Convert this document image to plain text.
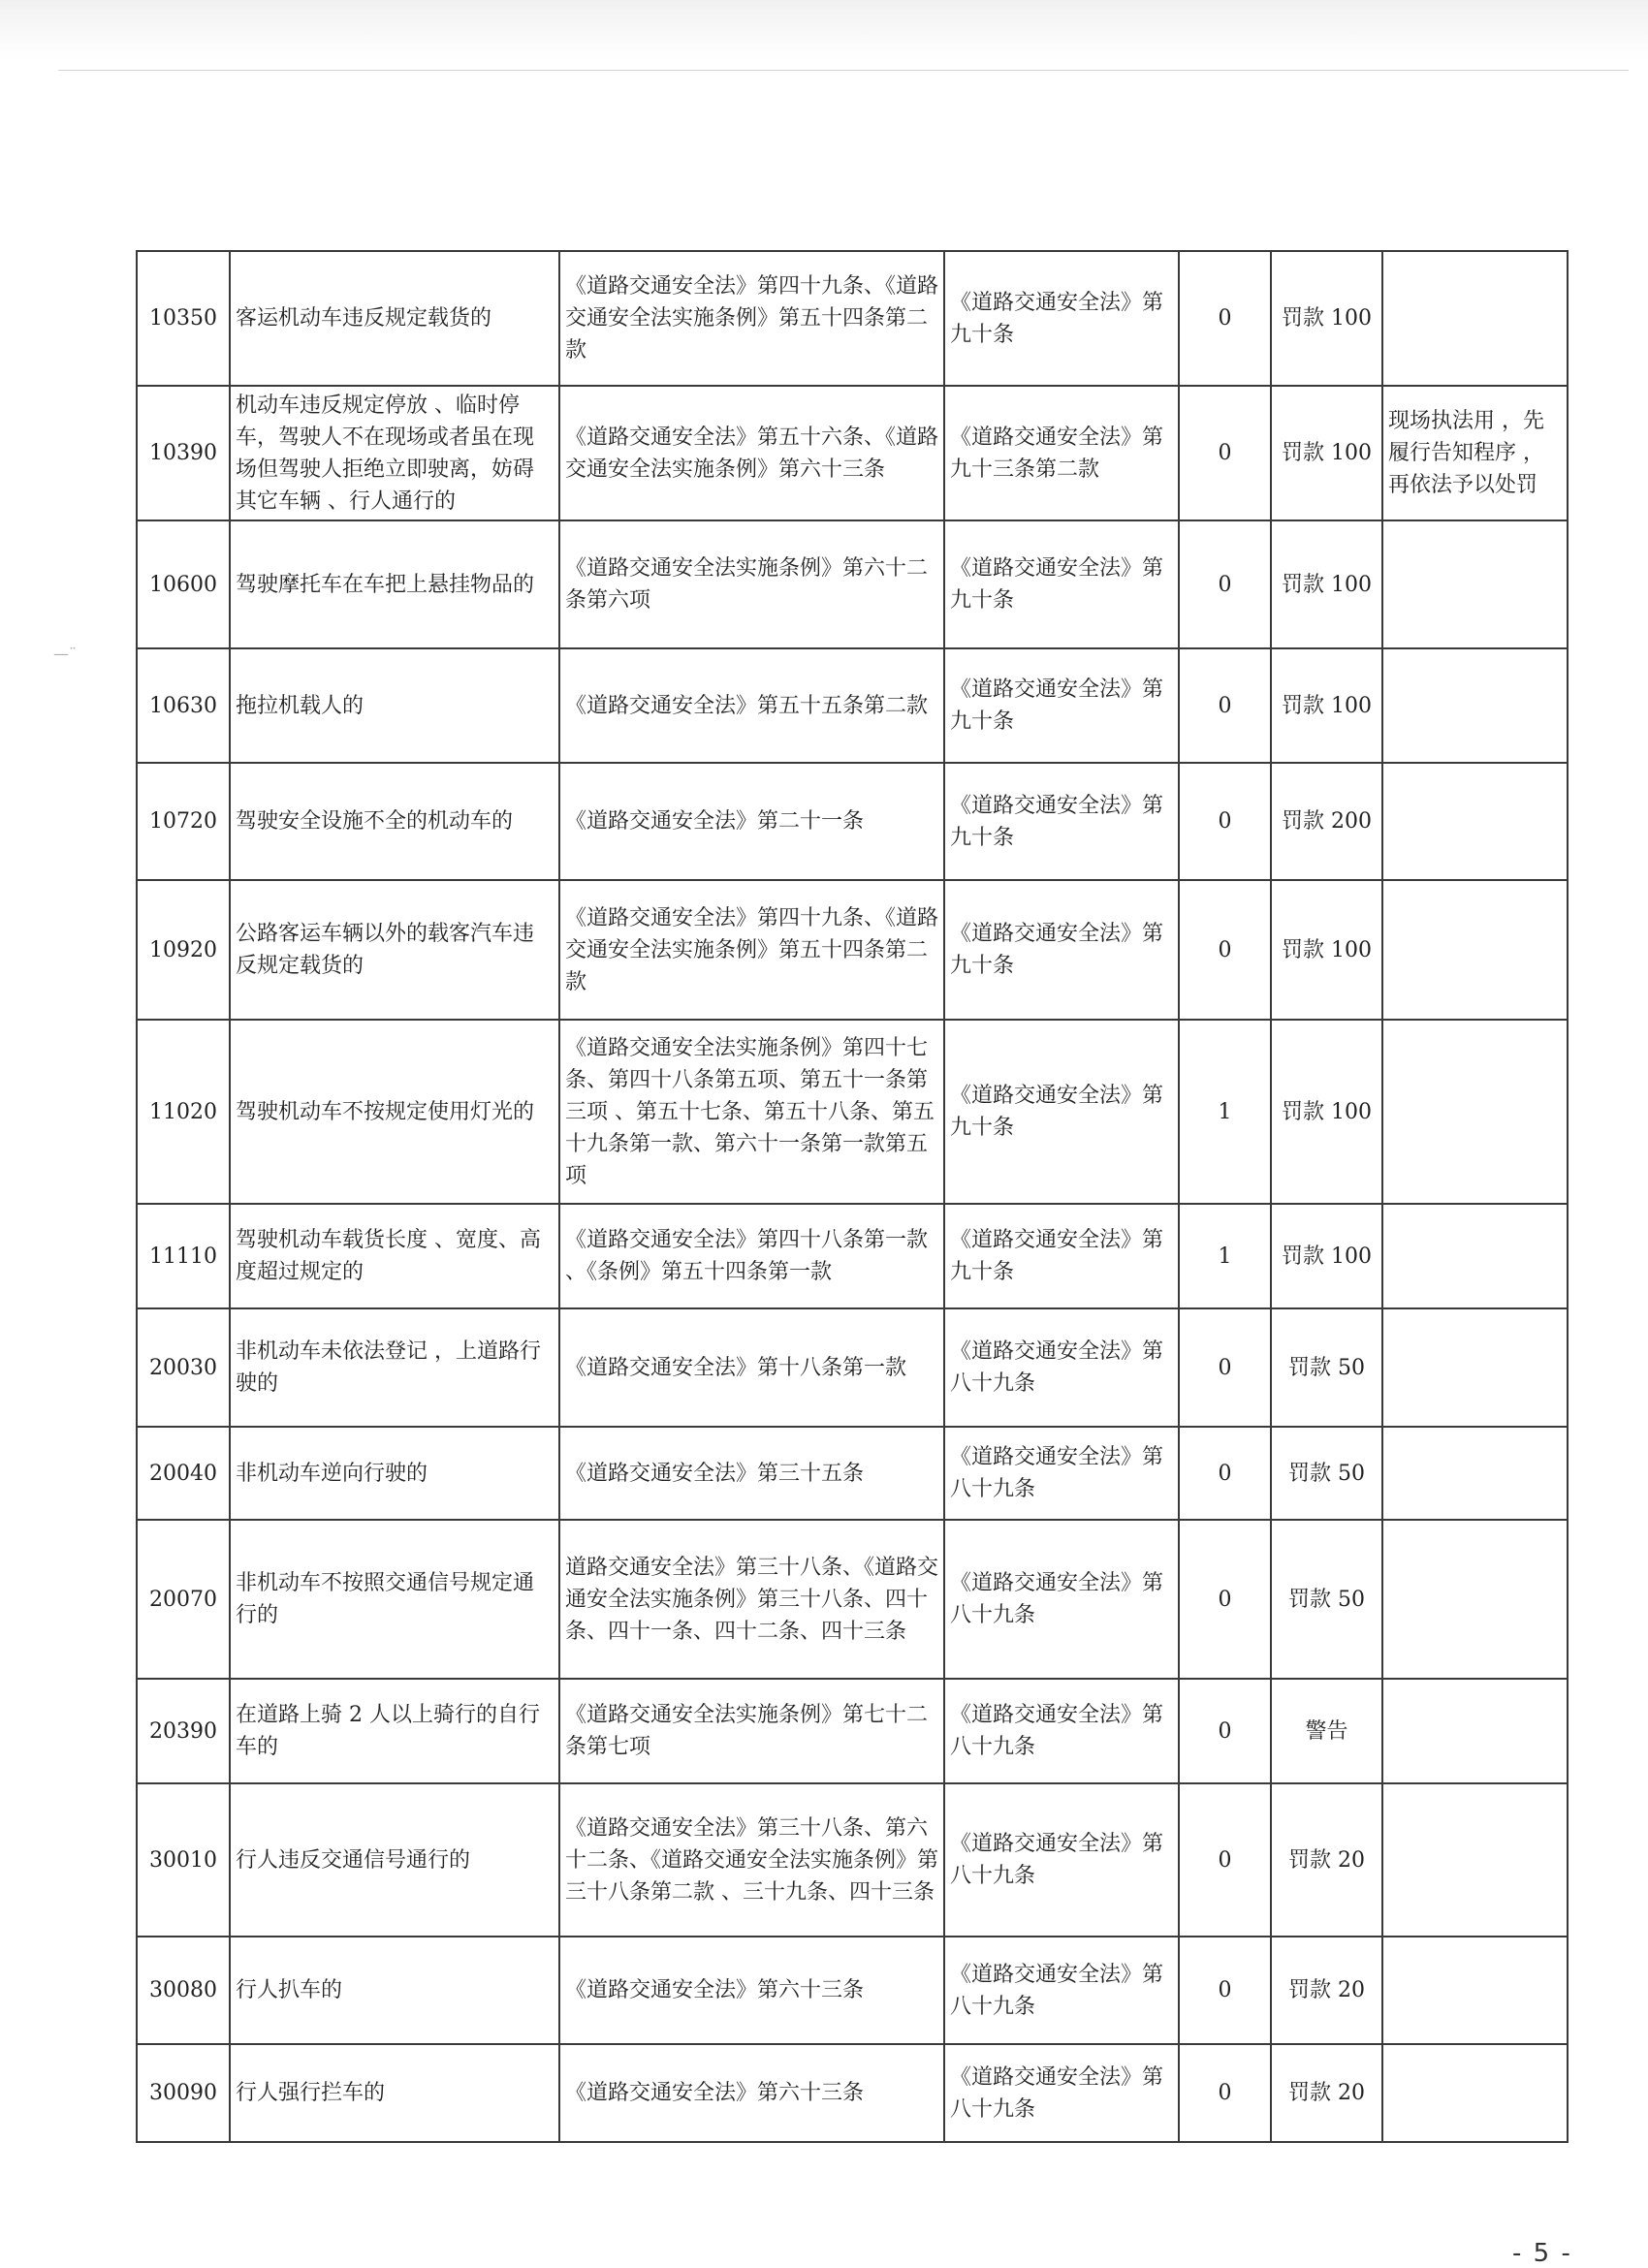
—¨
10350	客运机动车违反规定载货的	《道路交通安全法》第四十九条、《道路交通安全法实施条例》第五十四条第二款	《道路交通安全法》第九十条	0	罚款 100	
10390	机动车违反规定停放 、临时停车，驾驶人不在现场或者虽在现场但驾驶人拒绝立即驶离，妨碍其它车辆 、行人通行的	《道路交通安全法》第五十六条、《道路交通安全法实施条例》第六十三条	《道路交通安全法》第九十三条第二款	0	罚款 100	现场执法用 ，先履行告知程序 ，再依法予以处罚
10600	驾驶摩托车在车把上悬挂物品的	《道路交通安全法实施条例》第六十二条第六项	《道路交通安全法》第九十条	0	罚款 100	
10630	拖拉机载人的	《道路交通安全法》第五十五条第二款	《道路交通安全法》第九十条	0	罚款 100	
10720	驾驶安全设施不全的机动车的	《道路交通安全法》第二十一条	《道路交通安全法》第九十条	0	罚款 200	
10920	公路客运车辆以外的载客汽车违反规定载货的	《道路交通安全法》第四十九条、《道路交通安全法实施条例》第五十四条第二款	《道路交通安全法》第九十条	0	罚款 100	
11020	驾驶机动车不按规定使用灯光的	《道路交通安全法实施条例》第四十七条、第四十八条第五项、第五十一条第三项 、第五十七条、第五十八条、第五十九条第一款、第六十一条第一款第五项	《道路交通安全法》第九十条	1	罚款 100	
11110	驾驶机动车载货长度 、宽度、高度超过规定的	《道路交通安全法》第四十八条第一款 、《条例》第五十四条第一款	《道路交通安全法》第九十条	1	罚款 100	
20030	非机动车未依法登记 ，上道路行驶的	《道路交通安全法》第十八条第一款	《道路交通安全法》第八十九条	0	罚款 50	
20040	非机动车逆向行驶的	《道路交通安全法》第三十五条	《道路交通安全法》第八十九条	0	罚款 50	
20070	非机动车不按照交通信号规定通行的	道路交通安全法》第三十八条、《道路交通安全法实施条例》第三十八条、四十条、四十一条、四十二条、四十三条	《道路交通安全法》第八十九条	0	罚款 50	
20390	在道路上骑 2 人以上骑行的自行车的	《道路交通安全法实施条例》第七十二条第七项	《道路交通安全法》第八十九条	0	警告	
30010	行人违反交通信号通行的	《道路交通安全法》第三十八条、第六十二条、《道路交通安全法实施条例》第三十八条第二款 、三十九条、四十三条	《道路交通安全法》第八十九条	0	罚款 20	
30080	行人扒车的	《道路交通安全法》第六十三条	《道路交通安全法》第八十九条	0	罚款 20	
30090	行人强行拦车的	《道路交通安全法》第六十三条	《道路交通安全法》第八十九条	0	罚款 20	
- 5 -
